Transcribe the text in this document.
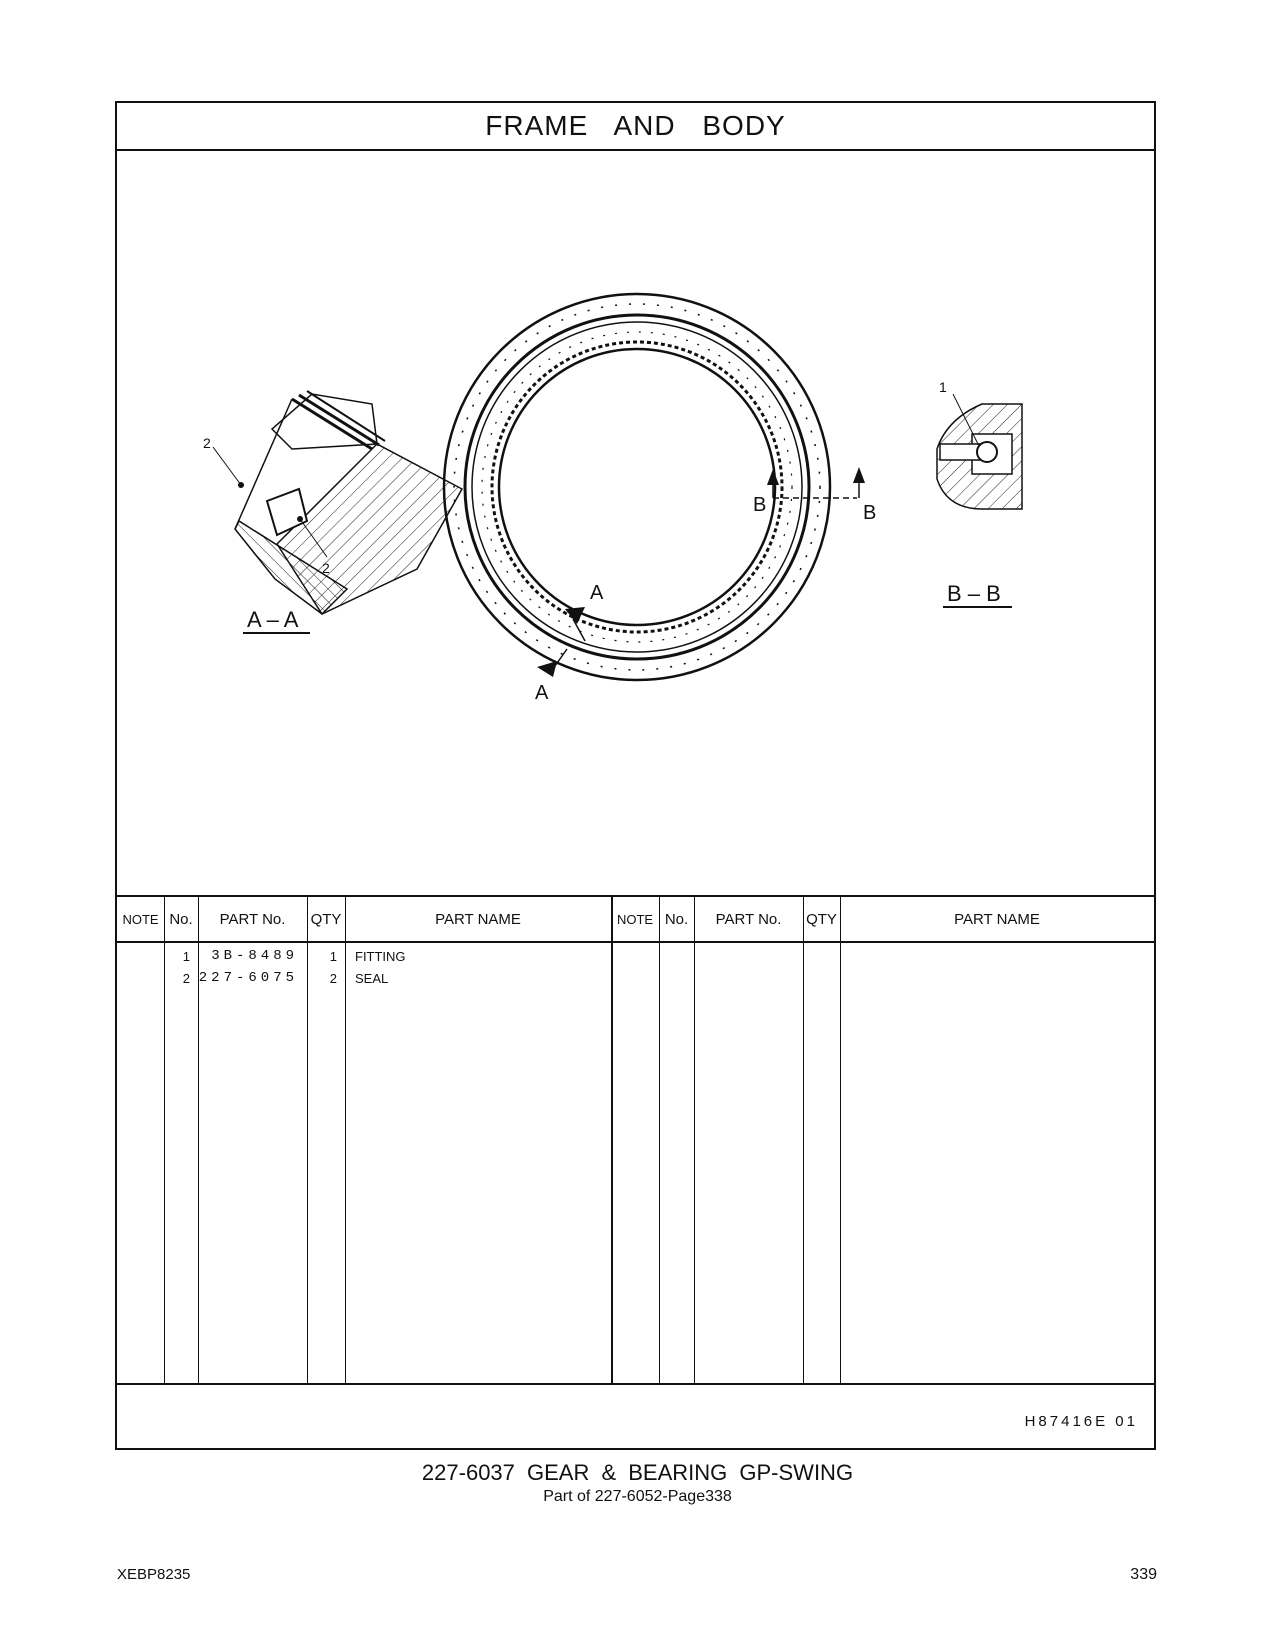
FRAME AND BODY
2
2
A – A
A
A
B	B
1
B – B
NOTE No.	PART No.	QTY	PART NAME	NOTE No.	PART No.	QTY	PART NAME
1	3B-8489	1 FITTING
2 227-6075	2 SEAL
H87416E 01
227-6037 GEAR & BEARING GP-SWING
Part of 227-6052-Page338
XEBP8235	339
